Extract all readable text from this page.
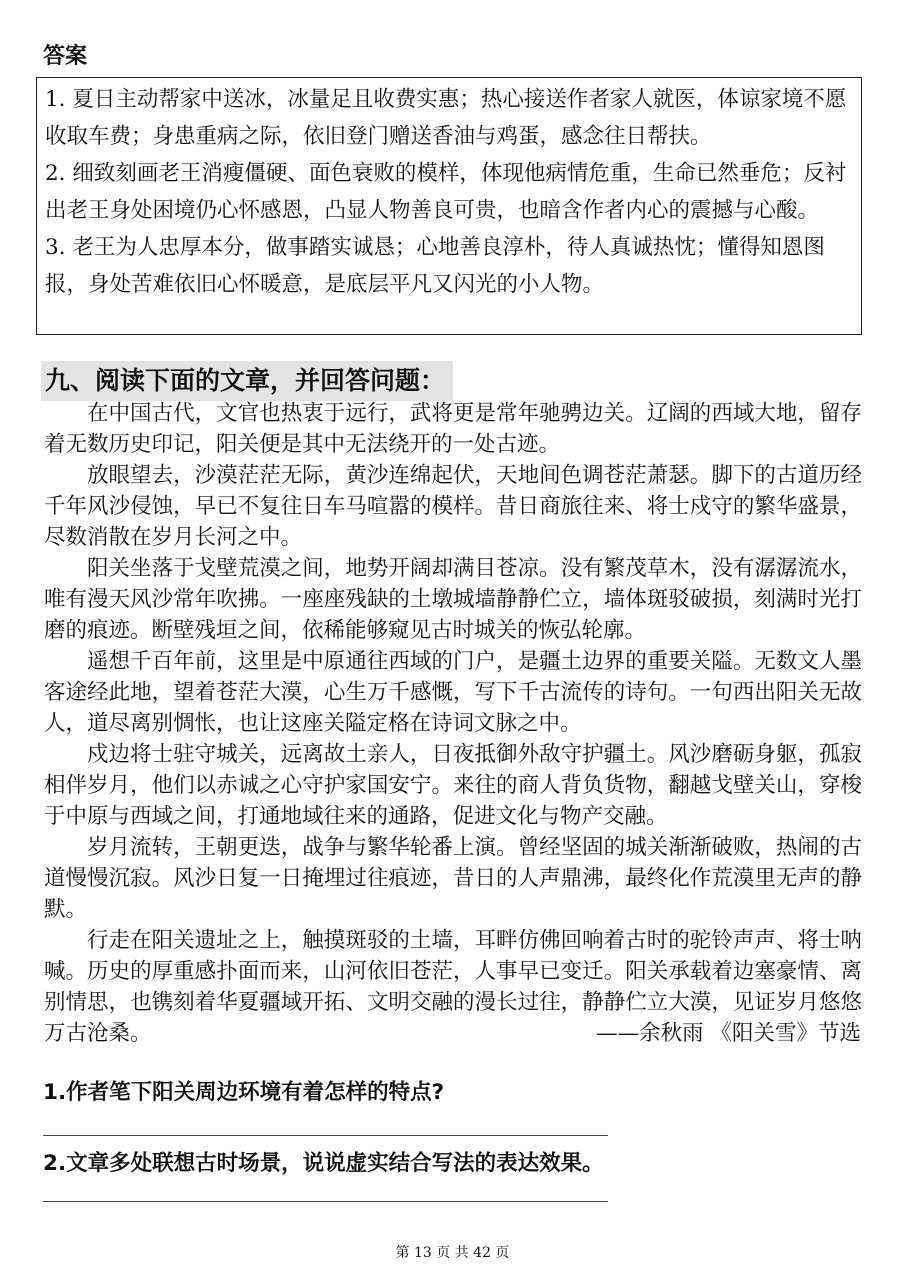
答案

1. 夏日主动帮家中送冰，冰量足且收费实惠；热心接送作者家人就医，体谅家境不愿收取车费；身患重病之际，依旧登门赠送香油与鸡蛋，感念往日帮扶。

2. 细致刻画老王消瘦僵硬、面色衰败的模样，体现他病情危重，生命已然垂危；反衬出老王身处困境仍心怀感恩，凸显人物善良可贵，也暗含作者内心的震撼与心酸。

3. 老王为人忠厚本分，做事踏实诚恳；心地善良淳朴，待人真诚热忱；懂得知恩图报，身处苦难依旧心怀暖意，是底层平凡又闪光的小人物。

九、阅读下面的文章，并回答问题：

在中国古代，文官也热衷于远行，武将更是常年驰骋边关。辽阔的西域大地，留存着无数历史印记，阳关便是其中无法绕开的一处古迹。

放眼望去，沙漠茫茫无际，黄沙连绵起伏，天地间色调苍茫萧瑟。脚下的古道历经千年风沙侵蚀，早已不复往日车马喧嚣的模样。昔日商旅往来、将士戍守的繁华盛景，尽数消散在岁月长河之中。

阳关坐落于戈壁荒漠之间，地势开阔却满目苍凉。没有繁茂草木，没有潺潺流水，唯有漫天风沙常年吹拂。一座座残缺的土墩城墙静静伫立，墙体斑驳破损，刻满时光打磨的痕迹。断壁残垣之间，依稀能够窥见古时城关的恢弘轮廓。

遥想千百年前，这里是中原通往西域的门户，是疆土边界的重要关隘。无数文人墨客途经此地，望着苍茫大漠，心生万千感慨，写下千古流传的诗句。一句西出阳关无故人，道尽离别惆怅，也让这座关隘定格在诗词文脉之中。

戍边将士驻守城关，远离故土亲人，日夜抵御外敌守护疆土。风沙磨砺身躯，孤寂相伴岁月，他们以赤诚之心守护家国安宁。来往的商人背负货物，翻越戈壁关山，穿梭于中原与西域之间，打通地域往来的通路，促进文化与物产交融。

岁月流转，王朝更迭，战争与繁华轮番上演。曾经坚固的城关渐渐破败，热闹的古道慢慢沉寂。风沙日复一日掩埋过往痕迹，昔日的人声鼎沸，最终化作荒漠里无声的静默。

行走在阳关遗址之上，触摸斑驳的土墙，耳畔仿佛回响着古时的驼铃声声、将士呐喊。历史的厚重感扑面而来，山河依旧苍茫，人事早已变迁。阳关承载着边塞豪情、离别情思，也镌刻着华夏疆域开拓、文明交融的漫长过往，静静伫立大漠，见证岁月悠悠万古沧桑。	——余秋雨 《阳关雪》节选
1.作者笔下阳关周边环境有着怎样的特点?
2.文章多处联想古时场景，说说虚实结合写法的表达效果。
第 13 页 共 42 页
